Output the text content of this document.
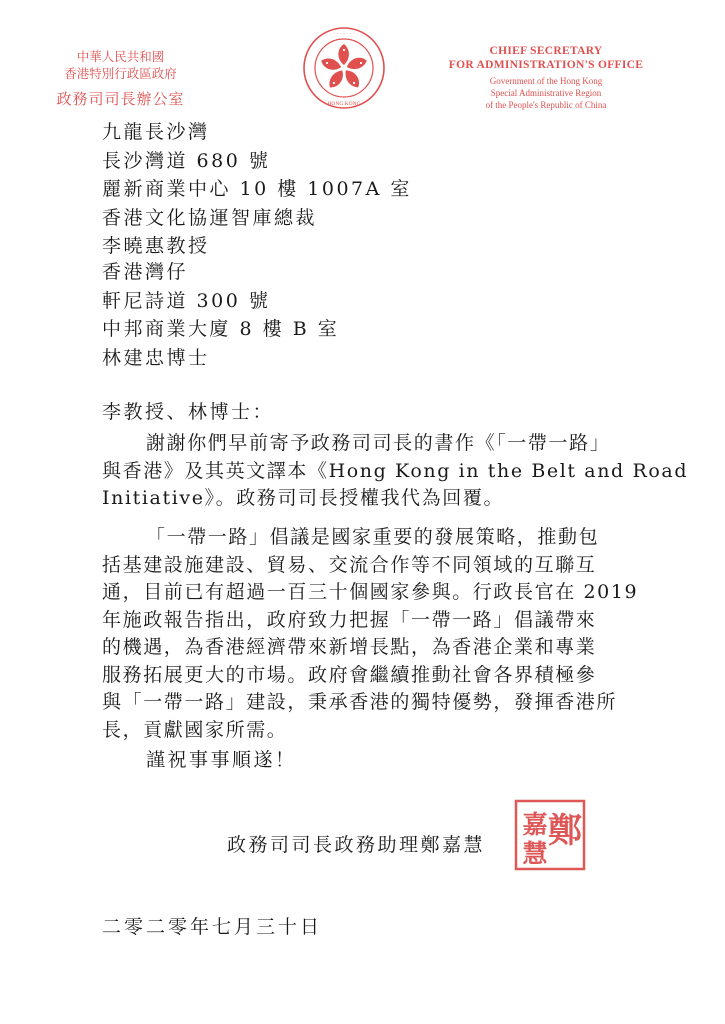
中華人民共和國
香港特別行政區政府
政務司司長辦公室
· · · · · · ·
HONG KONG
CHIEF SECRETARY
FOR ADMINISTRATION'S OFFICE
Government of the Hong Kong
Special Administrative Region
of the People's Republic of China
九龍長沙灣
長沙灣道 680 號
麗新商業中心 10 樓 1007A 室
香港文化協運智庫總裁
李曉惠教授
香港灣仔
軒尼詩道 300 號
中邦商業大廈 8 樓 B 室
林建忠博士
李教授、林博士：
謝謝你們早前寄予政務司司長的書作《「一帶一路」
與香港》及其英文譯本《Hong Kong in the Belt and Road
Initiative》。政務司司長授權我代為回覆。
「一帶一路」倡議是國家重要的發展策略，推動包
括基建設施建設、貿易、交流合作等不同領域的互聯互
通，目前已有超過一百三十個國家參與。行政長官在 2019
年施政報告指出，政府致力把握「一帶一路」倡議帶來
的機遇，為香港經濟帶來新增長點，為香港企業和專業
服務拓展更大的市場。政府會繼續推動社會各界積極參
與「一帶一路」建設，秉承香港的獨特優勢，發揮香港所
長，貢獻國家所需。
謹祝事事順遂！
政務司司長政務助理鄭嘉慧 鄭
嘉
慧
二零二零年七月三十日
